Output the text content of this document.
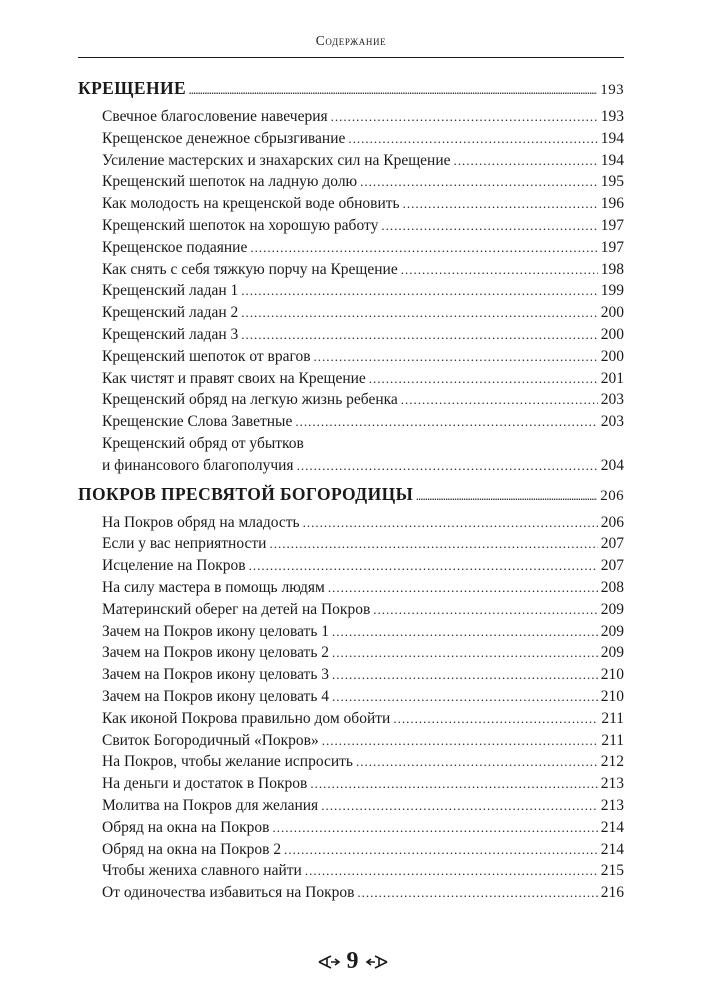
Содержание
КРЕЩЕНИЕ .....	193
Свечное благословение навечерия .....	193
Крещенское денежное сбрызгивание .....	194
Усиление мастерских и знахарских сил на Крещение .....	194
Крещенский шепоток на ладную долю .....	195
Как молодость на крещенской воде обновить .....	196
Крещенский шепоток на хорошую работу .....	197
Крещенское подаяние .....	197
Как снять с себя тяжкую порчу на Крещение .....	198
Крещенский ладан 1 .....	199
Крещенский ладан 2 .....	200
Крещенский ладан 3 .....	200
Крещенский шепоток от врагов .....	200
Как чистят и правят своих на Крещение .....	201
Крещенский обряд на легкую жизнь ребенка .....	203
Крещенские Слова Заветные .....	203
Крещенский обряд от убытков
и финансового благополучия .....	204
ПОКРОВ ПРЕСВЯТОЙ БОГОРОДИЦЫ .....	206
На Покров обряд на младость .....	206
Если у вас неприятности .....	207
Исцеление на Покров .....	207
На силу мастера в помощь людям .....	208
Материнский оберег на детей на Покров .....	209
Зачем на Покров икону целовать 1 .....	209
Зачем на Покров икону целовать 2 .....	209
Зачем на Покров икону целовать 3 .....	210
Зачем на Покров икону целовать 4 .....	210
Как иконой Покрова правильно дом обойти .....	211
Свиток Богородичный «Покров» .....	211
На Покров, чтобы желание испросить .....	212
На деньги и достаток в Покров .....	213
Молитва на Покров для желания .....	213
Обряд на окна на Покров .....	214
Обряд на окна на Покров 2 .....	214
Чтобы жениха славного найти .....	215
От одиночества избавиться на Покров .....	216
9
